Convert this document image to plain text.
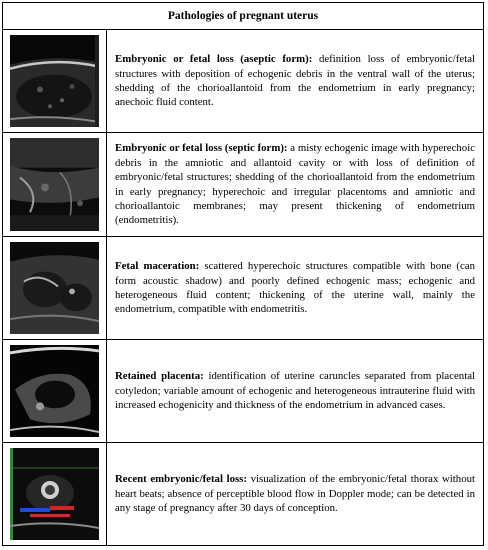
Pathologies of pregnant uterus

Embryonic or fetal loss (aseptic form): definition loss of embryonic/fetal structures with deposition of echogenic debris in the ventral wall of the uterus; shedding of the chorioallantoid from the endometrium in early pregnancy; anechoic fluid content.

Embryonic or fetal loss (septic form): a misty echogenic image with hyperechoic debris in the amniotic and allantoid cavity or with loss of definition of embryonic/fetal structures; shedding of the chorioallantoid from the endometrium in early pregnancy; hyperechoic and irregular placentoms and amniotic and chorioallantoic membranes; may present thickening of endometrium (endometritis).

Fetal maceration: scattered hyperechoic structures compatible with bone (can form acoustic shadow) and poorly defined echogenic mass; echogenic and heterogeneous fluid content; thickening of the uterine wall, mainly the endometrium, compatible with endometritis.

Retained placenta: identification of uterine caruncles separated from placental cotyledon; variable amount of echogenic and heterogeneous intrauterine fluid with increased echogenicity and thickness of the endometrium in advanced cases.

Recent embryonic/fetal loss: visualization of the embryonic/fetal thorax without heart beats; absence of perceptible blood flow in Doppler mode; can be detected in any stage of pregnancy after 30 days of conception.
